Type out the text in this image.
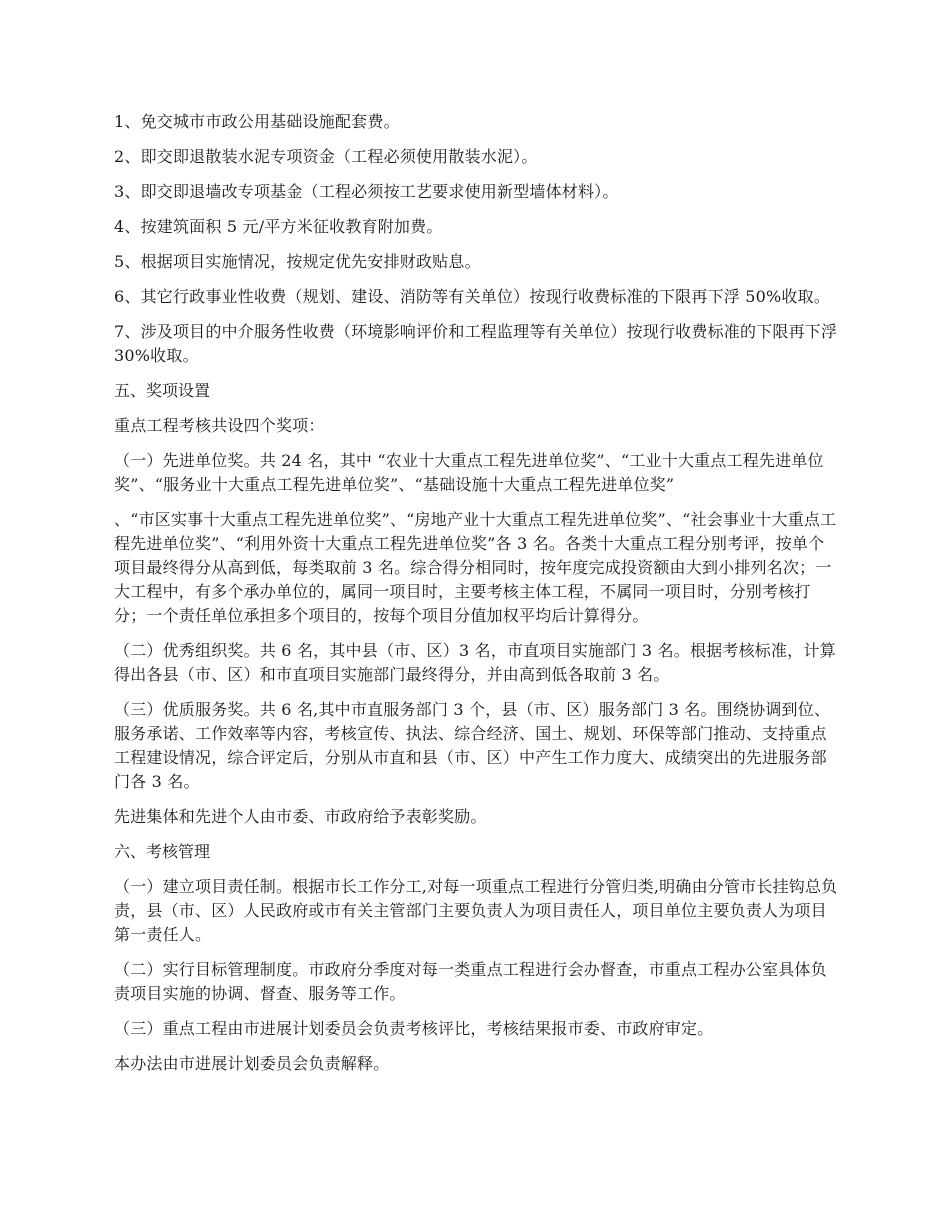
1、免交城市市政公用基础设施配套费。

2、即交即退散装水泥专项资金（工程必须使用散装水泥）。

3、即交即退墙改专项基金（工程必须按工艺要求使用新型墙体材料）。

4、按建筑面积 5 元/平方米征收教育附加费。

5、根据项目实施情况，按规定优先安排财政贴息。

6、其它行政事业性收费（规划、建设、消防等有关单位）按现行收费标准的下限再下浮 50%收取。

7、涉及项目的中介服务性收费（环境影响评价和工程监理等有关单位）按现行收费标准的下限再下浮 30%收取。

五、奖项设置

重点工程考核共设四个奖项：

（一）先进单位奖。共 24 名，其中 “农业十大重点工程先进单位奖”、“工业十大重点工程先进单位奖”、“服务业十大重点工程先进单位奖”、“基础设施十大重点工程先进单位奖”

、“市区实事十大重点工程先进单位奖”、“房地产业十大重点工程先进单位奖”、“社会事业十大重点工程先进单位奖”、“利用外资十大重点工程先进单位奖”各 3 名。各类十大重点工程分别考评，按单个项目最终得分从高到低，每类取前 3 名。综合得分相同时，按年度完成投资额由大到小排列名次；一大工程中，有多个承办单位的，属同一项目时，主要考核主体工程，不属同一项目时，分别考核打分；一个责任单位承担多个项目的，按每个项目分值加权平均后计算得分。

（二）优秀组织奖。共 6 名，其中县（市、区）3 名，市直项目实施部门 3 名。根据考核标准，计算得出各县（市、区）和市直项目实施部门最终得分，并由高到低各取前 3 名。

（三）优质服务奖。共 6 名,其中市直服务部门 3 个，县（市、区）服务部门 3 名。围绕协调到位、服务承诺、工作效率等内容，考核宣传、执法、综合经济、国土、规划、环保等部门推动、支持重点工程建设情况，综合评定后，分别从市直和县（市、区）中产生工作力度大、成绩突出的先进服务部门各 3 名。

先进集体和先进个人由市委、市政府给予表彰奖励。

六、考核管理

（一）建立项目责任制。根据市长工作分工,对每一项重点工程进行分管归类,明确由分管市长挂钩总负责，县（市、区）人民政府或市有关主管部门主要负责人为项目责任人，项目单位主要负责人为项目第一责任人。

（二）实行目标管理制度。市政府分季度对每一类重点工程进行会办督查，市重点工程办公室具体负责项目实施的协调、督查、服务等工作。

（三）重点工程由市进展计划委员会负责考核评比，考核结果报市委、市政府审定。

本办法由市进展计划委员会负责解释。
